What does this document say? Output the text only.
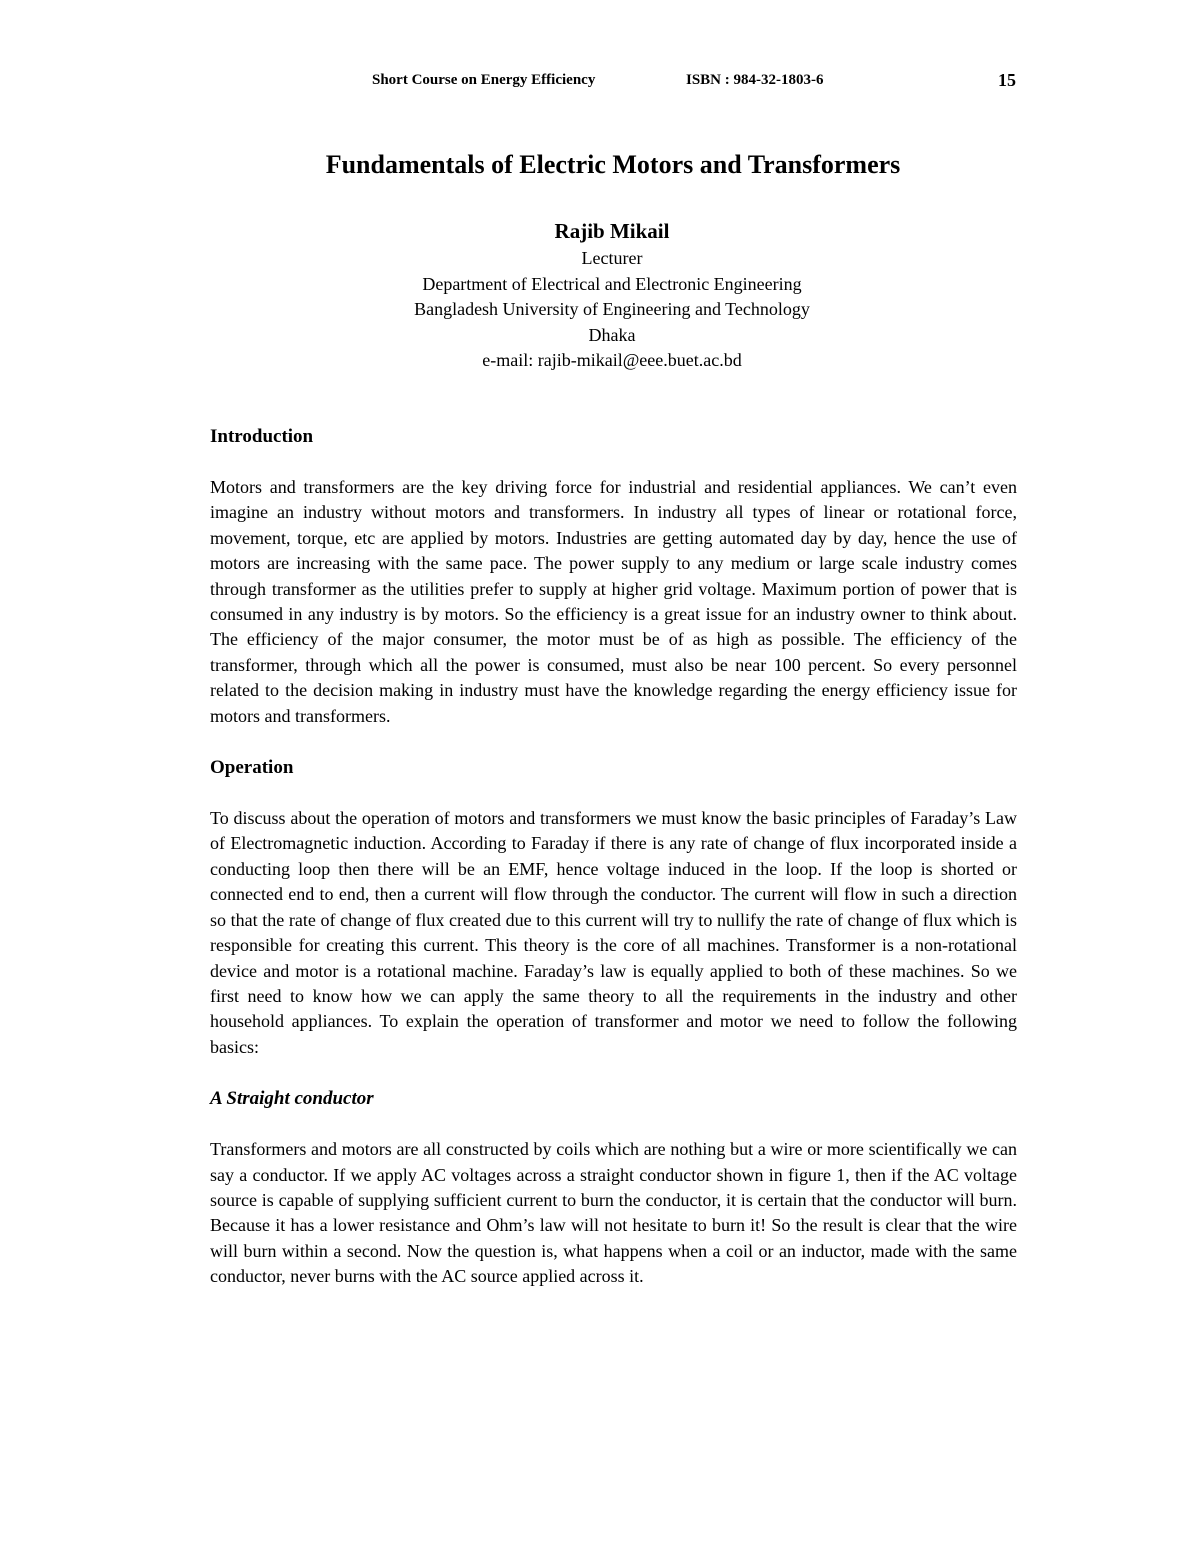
Short Course on Energy Efficiency	ISBN : 984-32-1803-6	15
Fundamentals of Electric Motors and Transformers
Rajib Mikail
Lecturer
Department of Electrical and Electronic Engineering
Bangladesh University of Engineering and Technology
Dhaka
e-mail: rajib-mikail@eee.buet.ac.bd
Introduction

Motors and transformers are the key driving force for industrial and residential appliances. We can’t even imagine an industry without motors and transformers. In industry all types of linear or rotational force, movement, torque, etc are applied by motors. Industries are getting automated day by day, hence the use of motors are increasing with the same pace. The power supply to any medium or large scale industry comes through transformer as the utilities prefer to supply at higher grid voltage. Maximum portion of power that is consumed in any industry is by motors. So the efficiency is a great issue for an industry owner to think about. The efficiency of the major consumer, the motor must be of as high as possible. The efficiency of the transformer, through which all the power is consumed, must also be near 100 percent. So every personnel related to the decision making in industry must have the knowledge regarding the energy efficiency issue for motors and transformers.

Operation

To discuss about the operation of motors and transformers we must know the basic principles of Faraday’s Law of Electromagnetic induction. According to Faraday if there is any rate of change of flux incorporated inside a conducting loop then there will be an EMF, hence voltage induced in the loop. If the loop is shorted or connected end to end, then a current will flow through the conductor. The current will flow in such a direction so that the rate of change of flux created due to this current will try to nullify the rate of change of flux which is responsible for creating this current. This theory is the core of all machines. Transformer is a non-rotational device and motor is a rotational machine. Faraday’s law is equally applied to both of these machines. So we first need to know how we can apply the same theory to all the requirements in the industry and other household appliances. To explain the operation of transformer and motor we need to follow the following basics:

A Straight conductor

Transformers and motors are all constructed by coils which are nothing but a wire or more scientifically we can say a conductor. If we apply AC voltages across a straight conductor shown in figure 1, then if the AC voltage source is capable of supplying sufficient current to burn the conductor, it is certain that the conductor will burn. Because it has a lower resistance and Ohm’s law will not hesitate to burn it! So the result is clear that the wire will burn within a second. Now the question is, what happens when a coil or an inductor, made with the same conductor, never burns with the AC source applied across it.
